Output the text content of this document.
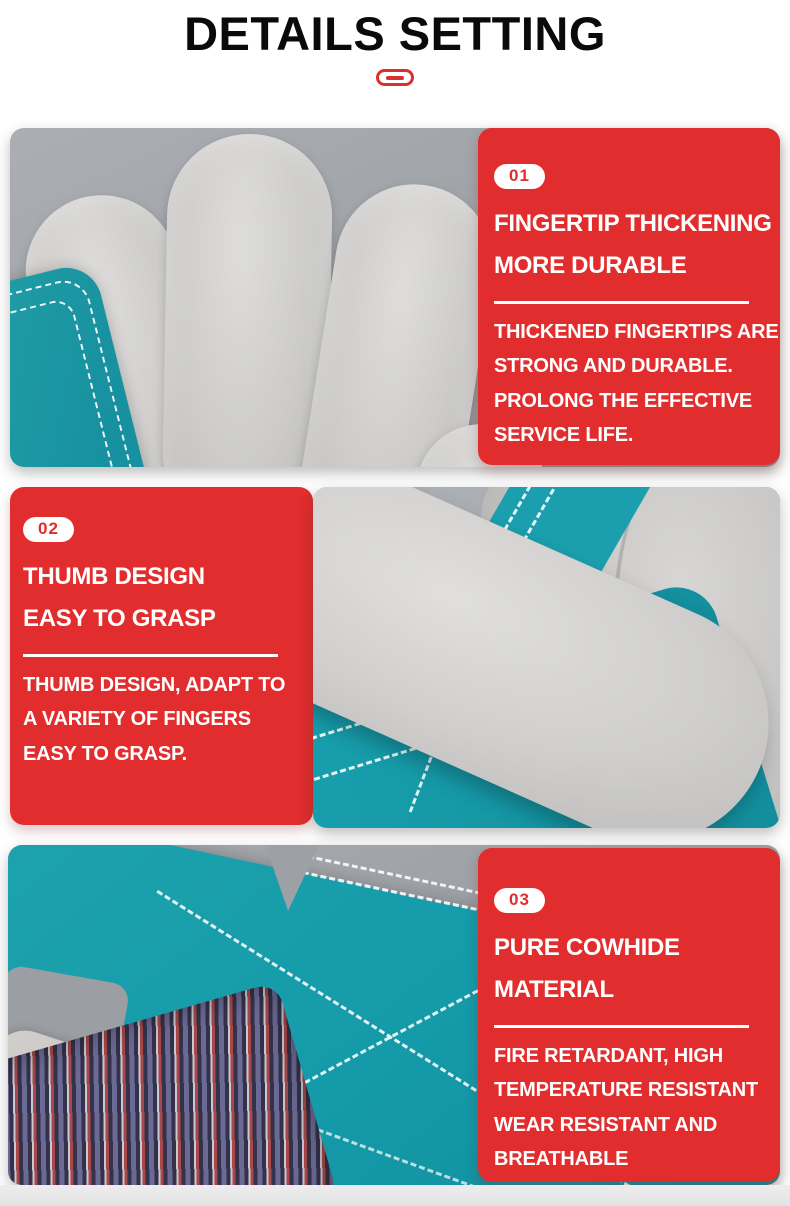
DETAILS SETTING
01
FINGERTIP THICKENING
MORE DURABLE

THICKENED FINGERTIPS ARE
STRONG AND DURABLE.
PROLONG THE EFFECTIVE
SERVICE LIFE.

02
THUMB DESIGN
EASY TO GRASP

THUMB DESIGN, ADAPT TO
A VARIETY OF FINGERS
EASY TO GRASP.

03
PURE COWHIDE
MATERIAL

FIRE RETARDANT, HIGH
TEMPERATURE RESISTANT
WEAR RESISTANT AND
BREATHABLE
